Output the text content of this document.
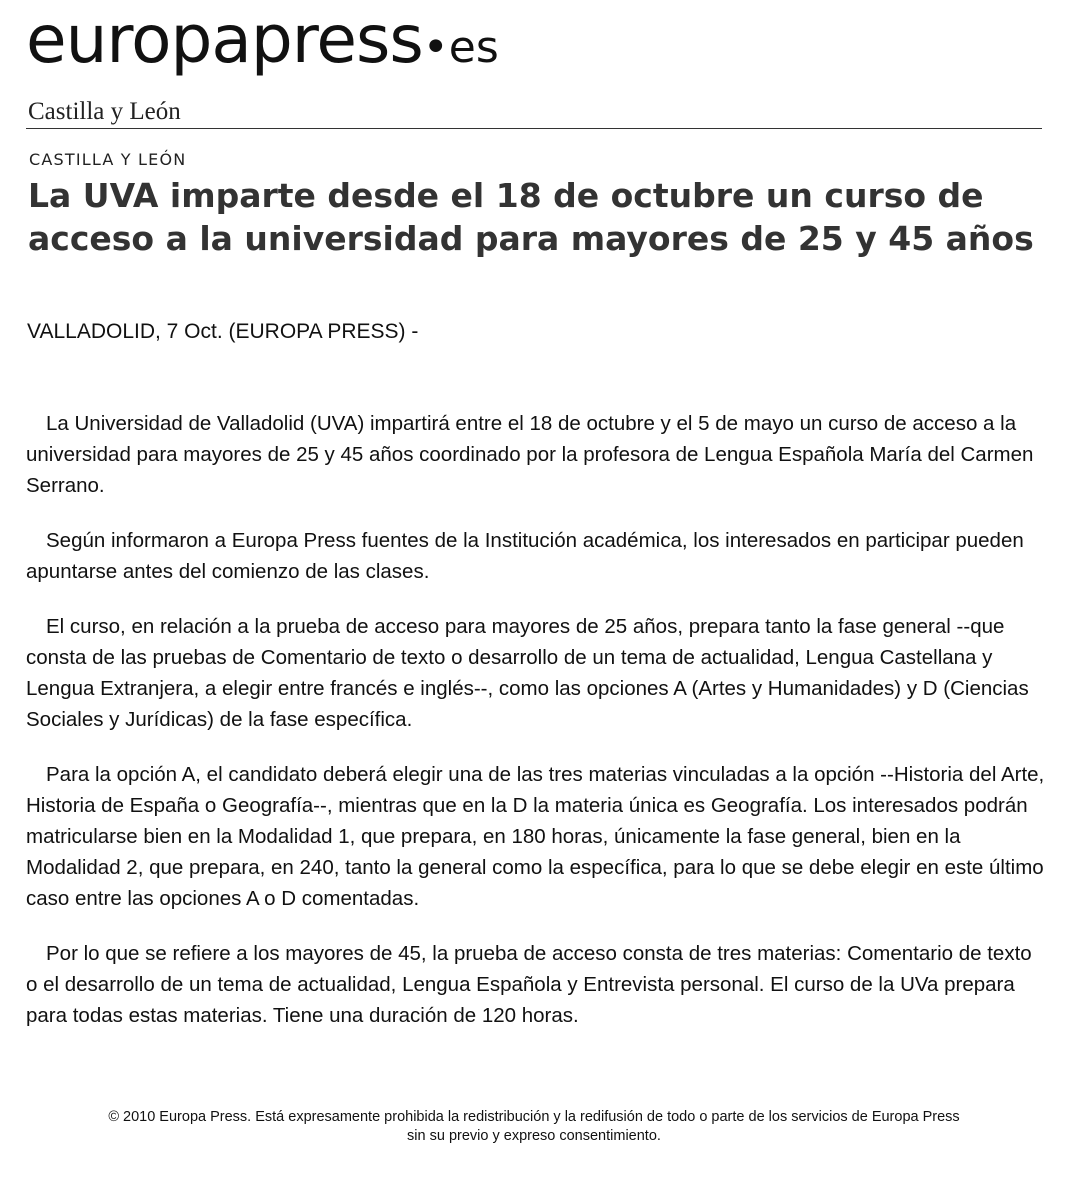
europapress•es
Castilla y León
CASTILLA Y LEÓN
La UVA imparte desde el 18 de octubre un curso de acceso a la universidad para mayores de 25 y 45 años
VALLADOLID, 7 Oct. (EUROPA PRESS) -

La Universidad de Valladolid (UVA) impartirá entre el 18 de octubre y el 5 de mayo un curso de acceso a la universidad para mayores de 25 y 45 años coordinado por la profesora de Lengua Española María del Carmen Serrano.

Según informaron a Europa Press fuentes de la Institución académica, los interesados en participar pueden apuntarse antes del comienzo de las clases.

El curso, en relación a la prueba de acceso para mayores de 25 años, prepara tanto la fase general --que consta de las pruebas de Comentario de texto o desarrollo de un tema de actualidad, Lengua Castellana y Lengua Extranjera, a elegir entre francés e inglés--, como las opciones A (Artes y Humanidades) y D (Ciencias Sociales y Jurídicas) de la fase específica.

Para la opción A, el candidato deberá elegir una de las tres materias vinculadas a la opción --Historia del Arte, Historia de España o Geografía--, mientras que en la D la materia única es Geografía. Los interesados podrán matricularse bien en la Modalidad 1, que prepara, en 180 horas, únicamente la fase general, bien en la Modalidad 2, que prepara, en 240, tanto la general como la específica, para lo que se debe elegir en este último caso entre las opciones A o D comentadas.

Por lo que se refiere a los mayores de 45, la prueba de acceso consta de tres materias: Comentario de texto o el desarrollo de un tema de actualidad, Lengua Española y Entrevista personal. El curso de la UVa prepara para todas estas materias. Tiene una duración de 120 horas.

© 2010 Europa Press. Está expresamente prohibida la redistribución y la redifusión de todo o parte de los servicios de Europa Press
sin su previo y expreso consentimiento.
